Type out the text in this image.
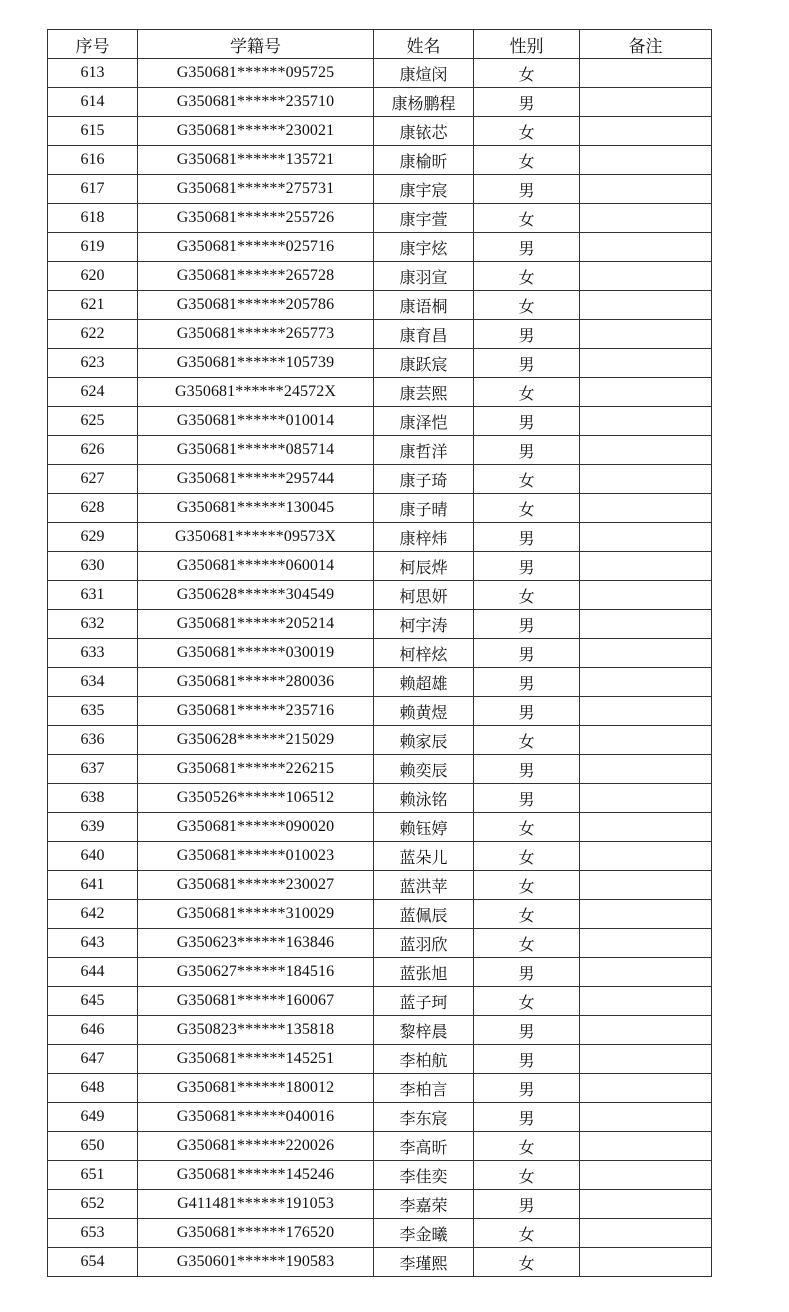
序号	学籍号	姓名	性别	备注
613	G350681******095725	康煊闵	女	
614	G350681******235710	康杨鹏程	男	
615	G350681******230021	康铱芯	女	
616	G350681******135721	康榆昕	女	
617	G350681******275731	康宇宸	男	
618	G350681******255726	康宇萱	女	
619	G350681******025716	康宇炫	男	
620	G350681******265728	康羽宣	女	
621	G350681******205786	康语桐	女	
622	G350681******265773	康育昌	男	
623	G350681******105739	康跃宸	男	
624	G350681******24572X	康芸熙	女	
625	G350681******010014	康泽恺	男	
626	G350681******085714	康哲洋	男	
627	G350681******295744	康子琦	女	
628	G350681******130045	康子晴	女	
629	G350681******09573X	康梓炜	男	
630	G350681******060014	柯辰烨	男	
631	G350628******304549	柯思妍	女	
632	G350681******205214	柯宇涛	男	
633	G350681******030019	柯梓炫	男	
634	G350681******280036	赖超雄	男	
635	G350681******235716	赖黄煜	男	
636	G350628******215029	赖家辰	女	
637	G350681******226215	赖奕辰	男	
638	G350526******106512	赖泳铭	男	
639	G350681******090020	赖钰婷	女	
640	G350681******010023	蓝朵儿	女	
641	G350681******230027	蓝洪苹	女	
642	G350681******310029	蓝佩辰	女	
643	G350623******163846	蓝羽欣	女	
644	G350627******184516	蓝张旭	男	
645	G350681******160067	蓝子珂	女	
646	G350823******135818	黎梓晨	男	
647	G350681******145251	李柏航	男	
648	G350681******180012	李柏言	男	
649	G350681******040016	李东宸	男	
650	G350681******220026	李高昕	女	
651	G350681******145246	李佳奕	女	
652	G411481******191053	李嘉荣	男	
653	G350681******176520	李金曦	女	
654	G350601******190583	李瑾熙	女	
